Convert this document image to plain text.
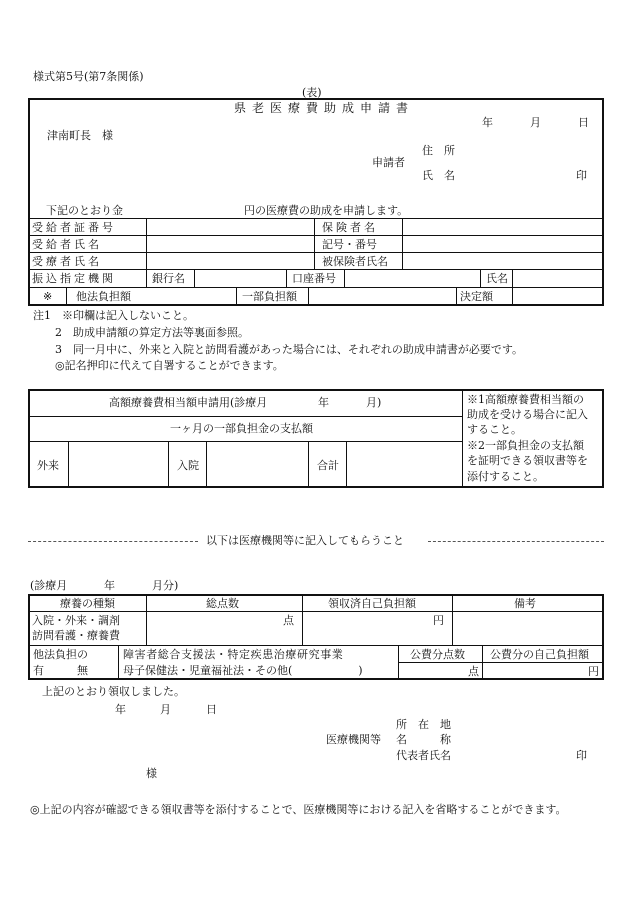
様式第5号(第7条関係)
(表)
県老医療費助成申請書
年	月	日
津南町長　様
住　所
申請者
氏　名	印
下記のとおり金	円の医療費の助成を申請します。
受給者証番号	保険者名
受給者氏名	記号・番号
受療者氏名	被保険者氏名
振込指定機関	銀行名	口座番号	氏名
※ 他法負担額	一部負担額	決定額
注1　※印欄は記入しないこと。
2　助成申請額の算定方法等裏面参照。
3　同一月中に、外来と入院と訪問看護があった場合には、それぞれの助成申請書が必要です。
◎記名押印に代えて自署することができます。
高額療養費相当額申請用(診療月	年	月)
一ヶ月の一部負担金の支払額
外来	入院	合計
※1高額療養費相当額の
助成を受ける場合に記入
すること。
※2一部負担金の支払額
を証明できる領収書等を
添付すること。
以下は医療機関等に記入してもらうこと
(診療月	年	月分)
療養の種類	総点数	領収済自己負担額	備考
入院・外来・調剤
訪問看護・療養費
点	円
他法負担の
有　　　無
障害者総合支援法・特定疾患治療研究事業
母子保健法・児童福祉法・その他(　　　　　　)
公費分点数 公費分の自己負担額
点	円
上記のとおり領収しました。
年	月	日
所　在　地
医療機関等 名　　　称
代表者氏名	印
様
◎上記の内容が確認できる領収書等を添付することで、医療機関等における記入を省略することができます。
